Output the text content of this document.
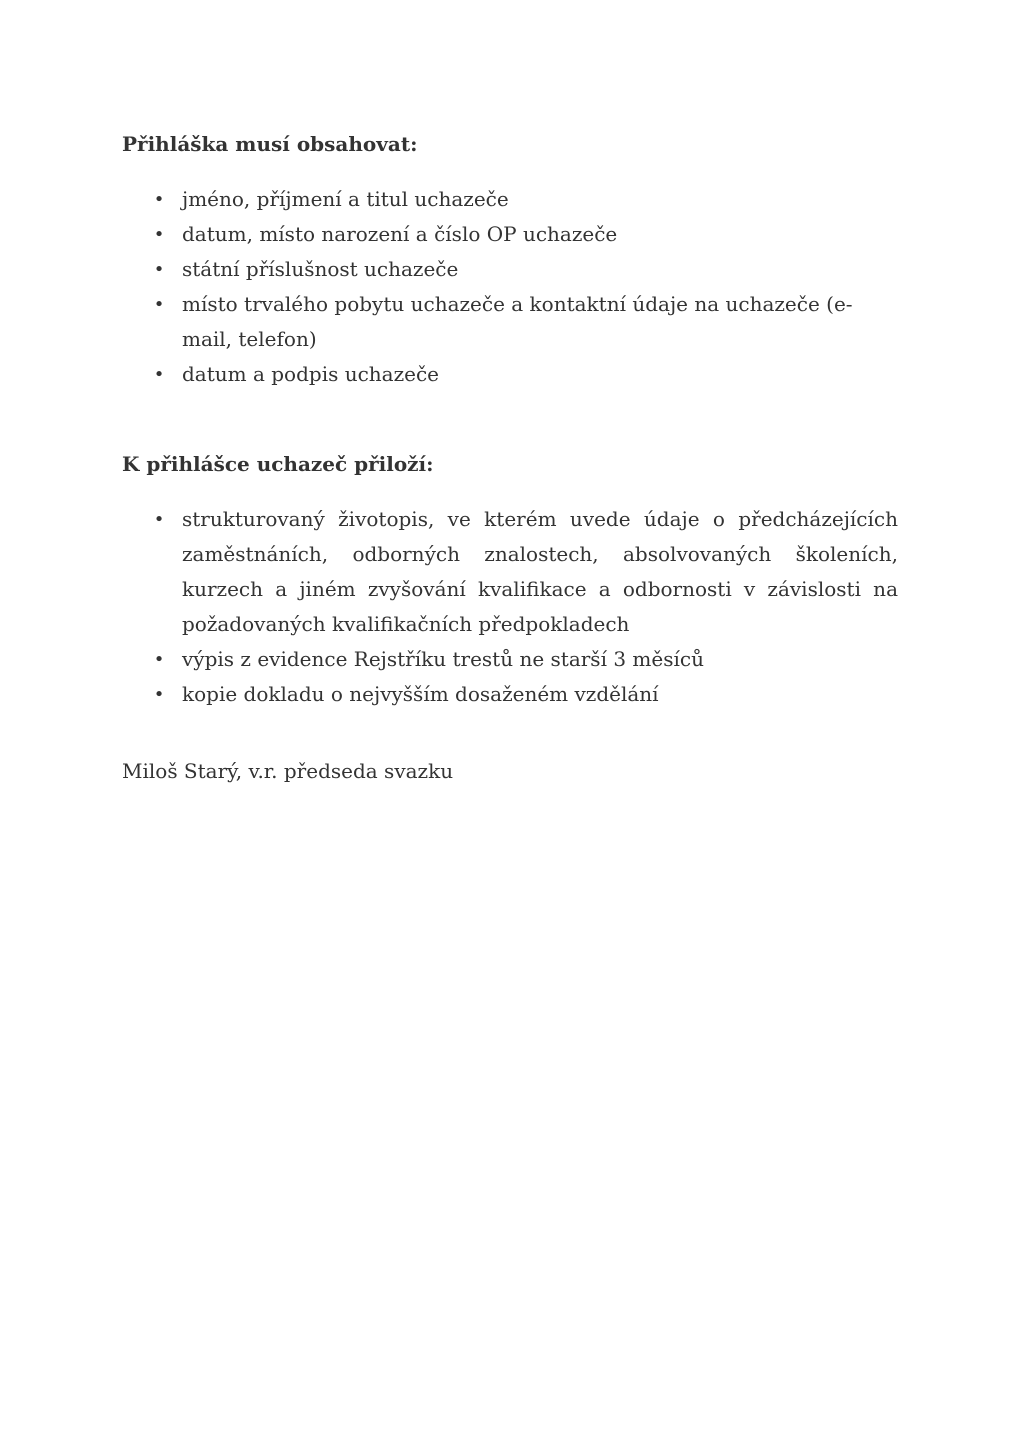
Přihláška musí obsahovat:
• jméno, příjmení a titul uchazeče
• datum, místo narození a číslo OP uchazeče
• státní příslušnost uchazeče
• místo trvalého pobytu uchazeče a kontaktní údaje na uchazeče (e-mail, telefon)
• datum a podpis uchazeče
K přihlášce uchazeč přiloží:
• strukturovaný životopis, ve kterém uvede údaje o předcházejících zaměstnáních, odborných znalostech, absolvovaných školeních, kurzech a jiném zvyšování kvalifikace a odbornosti v závislosti na požadovaných kvalifikačních předpokladech
• výpis z evidence Rejstříku trestů ne starší 3 měsíců
• kopie dokladu o nejvyšším dosaženém vzdělání

Miloš Starý, v.r. předseda svazku
